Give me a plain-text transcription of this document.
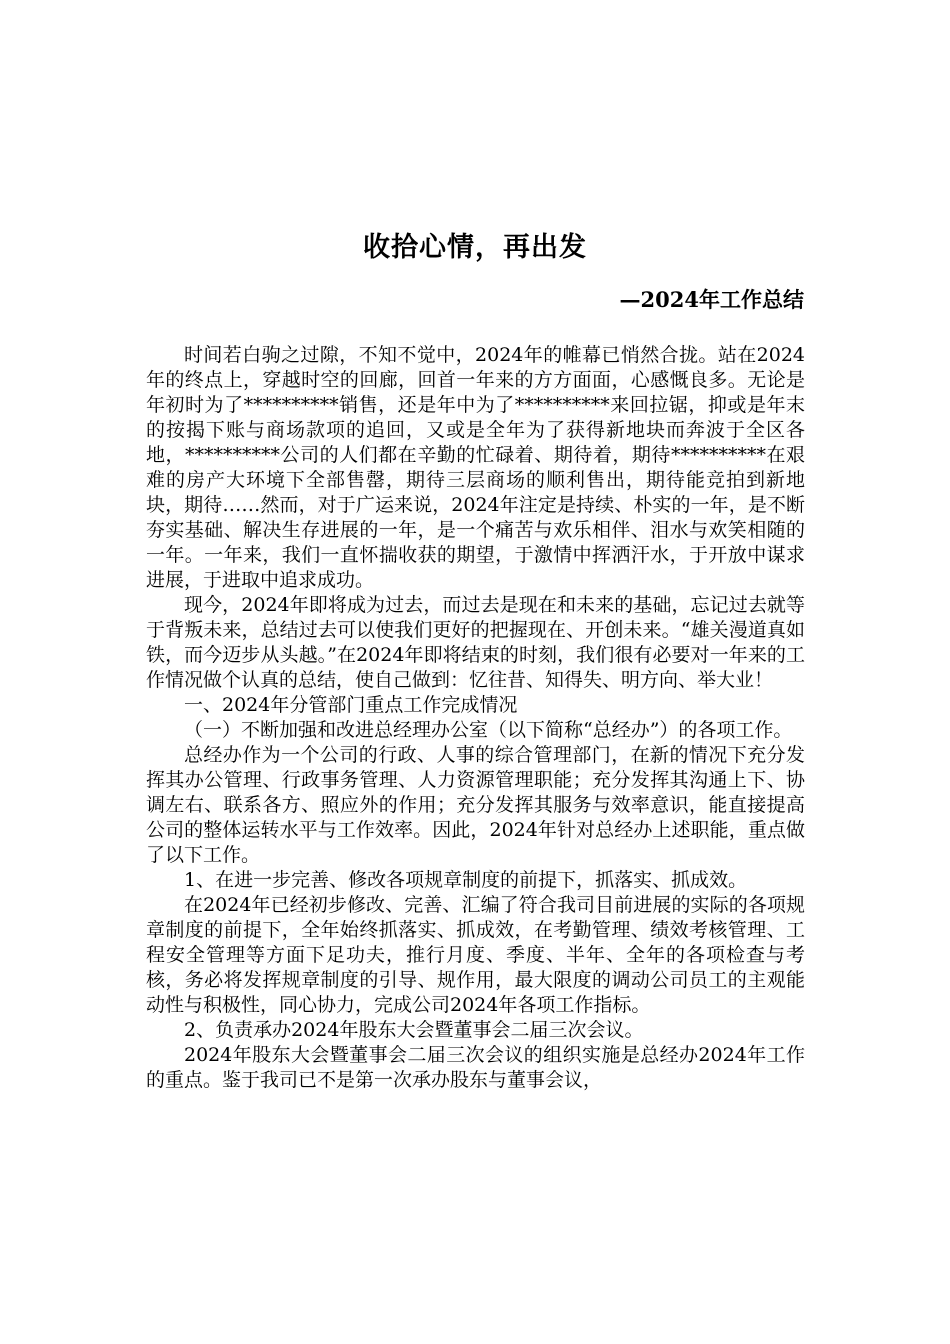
收拾心情，再出发
—2024年工作总结

时间若白驹之过隙，不知不觉中，2024年的帷幕已悄然合拢。站在2024年的终点上，穿越时空的回廊，回首一年来的方方面面，心感慨良多。无论是年初时为了**********销售，还是年中为了**********来回拉锯，抑或是年末的按揭下账与商场款项的追回，又或是全年为了获得新地块而奔波于全区各地，**********公司的人们都在辛勤的忙碌着、期待着，期待**********在艰难的房产大环境下全部售罄，期待三层商场的顺利售出，期待能竞拍到新地块，期待……然而，对于广运来说，2024年注定是持续、朴实的一年，是不断夯实基础、解决生存进展的一年，是一个痛苦与欢乐相伴、泪水与欢笑相随的一年。一年来，我们一直怀揣收获的期望，于激情中挥洒汗水，于开放中谋求进展，于进取中追求成功。

现今，2024年即将成为过去，而过去是现在和未来的基础，忘记过去就等于背叛未来，总结过去可以使我们更好的把握现在、开创未来。“雄关漫道真如铁，而今迈步从头越。”在2024年即将结束的时刻，我们很有必要对一年来的工作情况做个认真的总结，使自己做到：忆往昔、知得失、明方向、举大业！

一、2024年分管部门重点工作完成情况

（一）不断加强和改进总经理办公室（以下简称“总经办”）的各项工作。

总经办作为一个公司的行政、人事的综合管理部门，在新的情况下充分发挥其办公管理、行政事务管理、人力资源管理职能；充分发挥其沟通上下、协调左右、联系各方、照应外的作用；充分发挥其服务与效率意识，能直接提高公司的整体运转水平与工作效率。因此，2024年针对总经办上述职能，重点做了以下工作。

1、在进一步完善、修改各项规章制度的前提下，抓落实、抓成效。

在2024年已经初步修改、完善、汇编了符合我司目前进展的实际的各项规章制度的前提下，全年始终抓落实、抓成效，在考勤管理、绩效考核管理、工程安全管理等方面下足功夫，推行月度、季度、半年、全年的各项检查与考核，务必将发挥规章制度的引导、规作用，最大限度的调动公司员工的主观能动性与积极性，同心协力，完成公司2024年各项工作指标。

2、负责承办2024年股东大会暨董事会二届三次会议。

2024年股东大会暨董事会二届三次会议的组织实施是总经办2024年工作的重点。鉴于我司已不是第一次承办股东与董事会议，
